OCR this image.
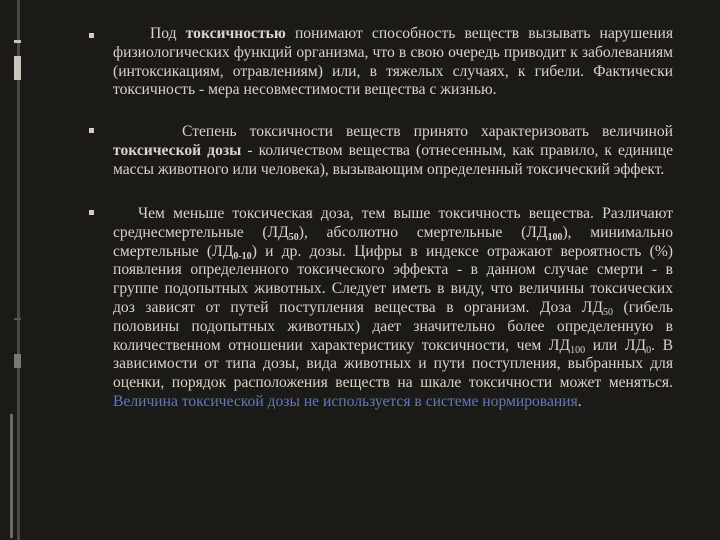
Под токсичностью понимают способность веществ вызывать нарушения физиологических функций организма, что в свою очередь приводит к заболеваниям (интоксикациям, отравлениям) или, в тяжелых случаях, к гибели. Фактически токсичность - мера несовместимости вещества с жизнью.
Степень токсичности веществ принято характеризовать величиной токсической дозы - количеством вещества (отнесенным, как правило, к единице массы животного или человека), вызывающим определенный токсический эффект.
Чем меньше токсическая доза, тем выше токсичность вещества. Различают среднесмертельные $(ЛД_{50})$, абсолютно смертельные $(ЛД_{100})$, минимально смертельные $(ЛД_{0-10})$ и др. дозы. Цифры в индексе отражают вероятность (%) появления определенного токсического эффекта - в данном случае смерти - в группе подопытных животных. Следует иметь в виду, что величины токсических доз зависят от путей поступления вещества в организм. Доза $ЛД_{50}$ (гибель половины подопытных животных) дает значительно более определенную в количественном отношении характеристику токсичности, чем $ЛД_{100}$ или $ЛД_0$. В зависимости от типа дозы, вида животных и пути поступления, выбранных для оценки, порядок расположения веществ на шкале токсичности может меняться. Величина токсической дозы не используется в системе нормирования.
